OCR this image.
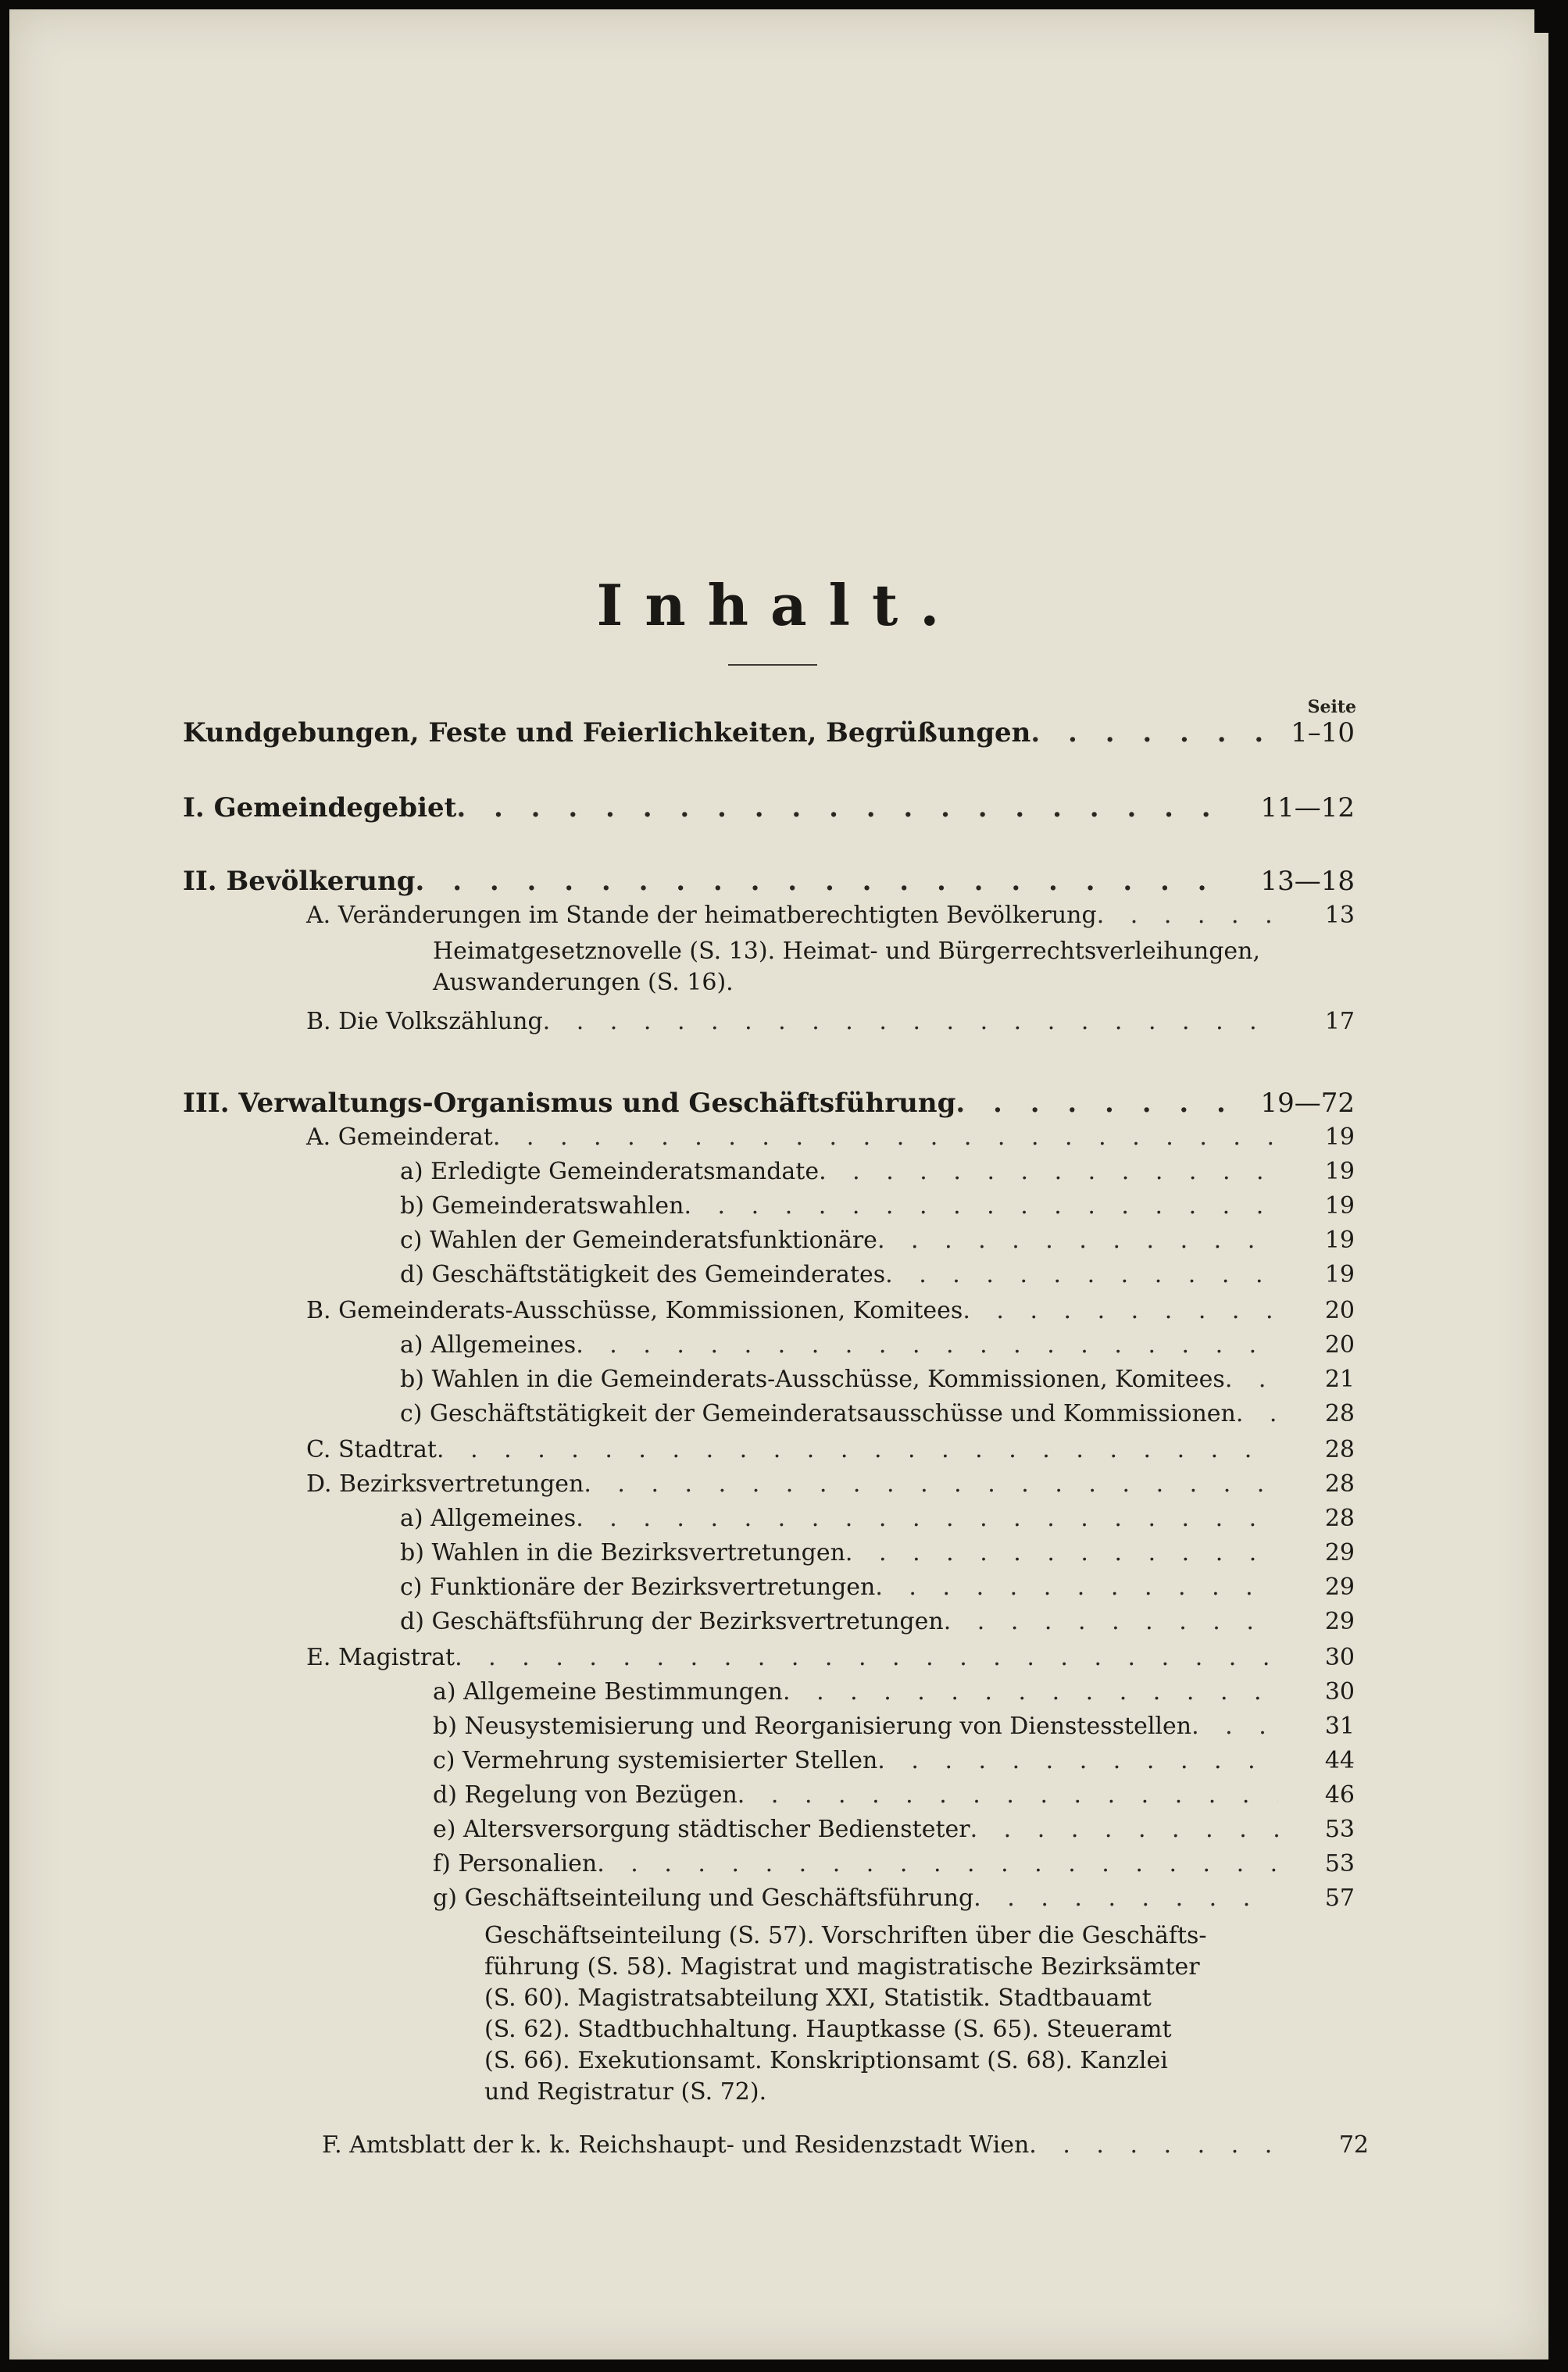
Inhalt.
Seite
Kundgebungen, Feste und Feierlichkeiten, Begrüßungen . . .	1–10
I. Gemeindegebiet . . .	11—12
II. Bevölkerung . . .	13—18
A. Veränderungen im Stande der heimatberechtigten Bevölkerung . . .	13
Heimatgesetznovelle (S. 13). Heimat- und Bürgerrechtsverleihungen,
Auswanderungen (S. 16).
B. Die Volkszählung . . .	17
III. Verwaltungs-Organismus und Geschäftsführung . . .	19—72
A. Gemeinderat . . .	19
a) Erledigte Gemeinderatsmandate . . .	19
b) Gemeinderatswahlen . . .	19
c) Wahlen der Gemeinderatsfunktionäre . . .	19
d) Geschäftstätigkeit des Gemeinderates . . .	19
B. Gemeinderats-Ausschüsse, Kommissionen, Komitees . . .	20
a) Allgemeines . . .	20
b) Wahlen in die Gemeinderats-Ausschüsse, Kommissionen, Komitees . . .	21
c) Geschäftstätigkeit der Gemeinderatsausschüsse und Kommissionen . . .	28
C. Stadtrat . . .	28
D. Bezirksvertretungen . . .	28
a) Allgemeines . . .	28
b) Wahlen in die Bezirksvertretungen . . .	29
c) Funktionäre der Bezirksvertretungen . . .	29
d) Geschäftsführung der Bezirksvertretungen . . .	29
E. Magistrat . . .	30
a) Allgemeine Bestimmungen . . .	30
b) Neusystemisierung und Reorganisierung von Dienstesstellen . . .	31
c) Vermehrung systemisierter Stellen . . .	44
d) Regelung von Bezügen . . .	46
e) Altersversorgung städtischer Bediensteter . . .	53
f) Personalien . . .	53
g) Geschäftseinteilung und Geschäftsführung . . .	57
Geschäftseinteilung (S. 57). Vorschriften über die Geschäfts-
führung (S. 58). Magistrat und magistratische Bezirksämter
(S. 60). Magistratsabteilung XXI, Statistik. Stadtbauamt
(S. 62). Stadtbuchhaltung. Hauptkasse (S. 65). Steueramt
(S. 66). Exekutionsamt. Konskriptionsamt (S. 68). Kanzlei
und Registratur (S. 72).
F. Amtsblatt der k. k. Reichshaupt- und Residenzstadt Wien . . .	72
